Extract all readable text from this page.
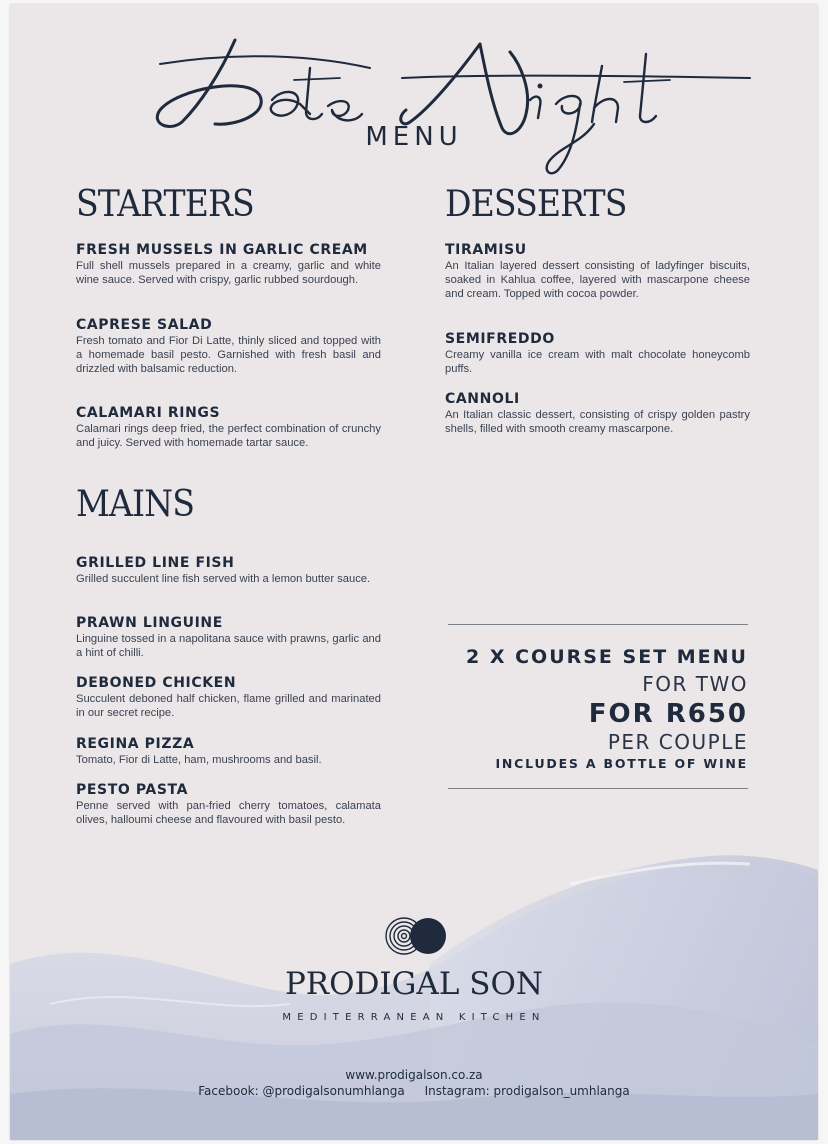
MENU
STARTERS
FRESH MUSSELS IN GARLIC CREAM

Full shell mussels prepared in a creamy, garlic and white wine sauce. Served with crispy, garlic rubbed sourdough.

CAPRESE SALAD

Fresh tomato and Fior Di Latte, thinly sliced and topped with a homemade basil pesto. Garnished with fresh basil and drizzled with balsamic reduction.

CALAMARI RINGS

Calamari rings deep fried, the perfect combination of crunchy and juicy. Served with homemade tartar sauce.

DESSERTS
TIRAMISU

An Italian layered dessert consisting of ladyfinger biscuits, soaked in Kahlua coffee, layered with mascarpone cheese and cream. Topped with cocoa powder.

SEMIFREDDO

Creamy vanilla ice cream with malt chocolate honeycomb puffs.

CANNOLI

An Italian classic dessert, consisting of crispy golden pastry shells, filled with smooth creamy mascarpone.

MAINS
GRILLED LINE FISH

Grilled succulent line fish served with a lemon butter sauce.

PRAWN LINGUINE

Linguine tossed in a napolitana sauce with prawns, garlic and a hint of chilli.

DEBONED CHICKEN

Succulent deboned half chicken, flame grilled and marinated in our secret recipe.

REGINA PIZZA

Tomato, Fior di Latte, ham, mushrooms and basil.

PESTO PASTA

Penne served with pan-fried cherry tomatoes, calamata olives, halloumi cheese and flavoured with basil pesto.

2 X COURSE SET MENU
FOR TWO
FOR R650
PER COUPLE
INCLUDES A BOTTLE OF WINE
PRODIGAL SON
MEDITERRANEAN KITCHEN
www.prodigalson.co.za
Facebook: @prodigalsonumhlanga Instagram: prodigalson_umhlanga
